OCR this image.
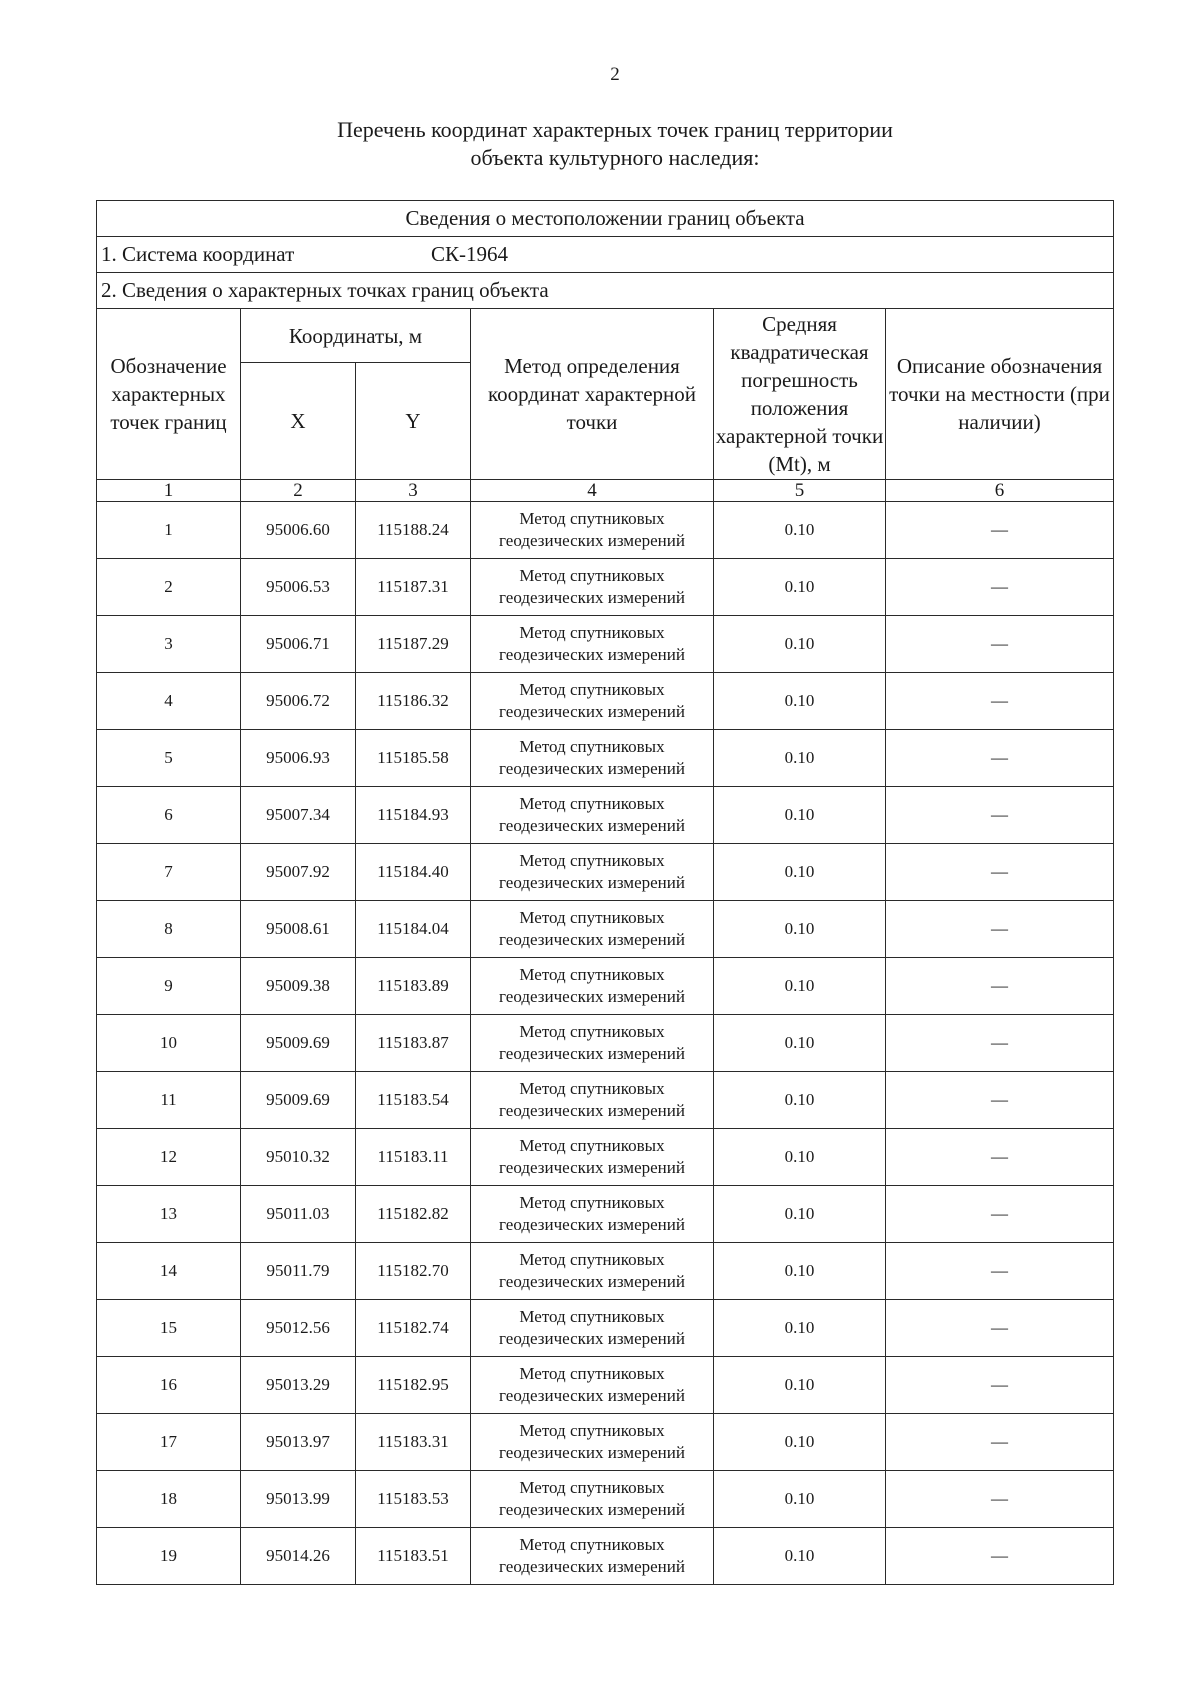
2
Перечень координат характерных точек границ территории
объекта культурного наследия:
Сведения о местоположении границ объекта					
1. Система координат СК-1964					
2. Сведения о характерных точках границ объекта					
Обозначение характерных точек границ	Координаты, м		Метод определения координат характерной точки	Средняя квадратическая погрешность положения характерной точки (Mt), м	Описание обозначения точки на местности (при наличии)
	X	Y			
1	2	3	4	5	6
1	95006.60	115188.24	Метод спутниковых геодезических измерений	0.10	—
2	95006.53	115187.31	Метод спутниковых геодезических измерений	0.10	—
3	95006.71	115187.29	Метод спутниковых геодезических измерений	0.10	—
4	95006.72	115186.32	Метод спутниковых геодезических измерений	0.10	—
5	95006.93	115185.58	Метод спутниковых геодезических измерений	0.10	—
6	95007.34	115184.93	Метод спутниковых геодезических измерений	0.10	—
7	95007.92	115184.40	Метод спутниковых геодезических измерений	0.10	—
8	95008.61	115184.04	Метод спутниковых геодезических измерений	0.10	—
9	95009.38	115183.89	Метод спутниковых геодезических измерений	0.10	—
10	95009.69	115183.87	Метод спутниковых геодезических измерений	0.10	—
11	95009.69	115183.54	Метод спутниковых геодезических измерений	0.10	—
12	95010.32	115183.11	Метод спутниковых геодезических измерений	0.10	—
13	95011.03	115182.82	Метод спутниковых геодезических измерений	0.10	—
14	95011.79	115182.70	Метод спутниковых геодезических измерений	0.10	—
15	95012.56	115182.74	Метод спутниковых геодезических измерений	0.10	—
16	95013.29	115182.95	Метод спутниковых геодезических измерений	0.10	—
17	95013.97	115183.31	Метод спутниковых геодезических измерений	0.10	—
18	95013.99	115183.53	Метод спутниковых геодезических измерений	0.10	—
19	95014.26	115183.51	Метод спутниковых геодезических измерений	0.10	—
